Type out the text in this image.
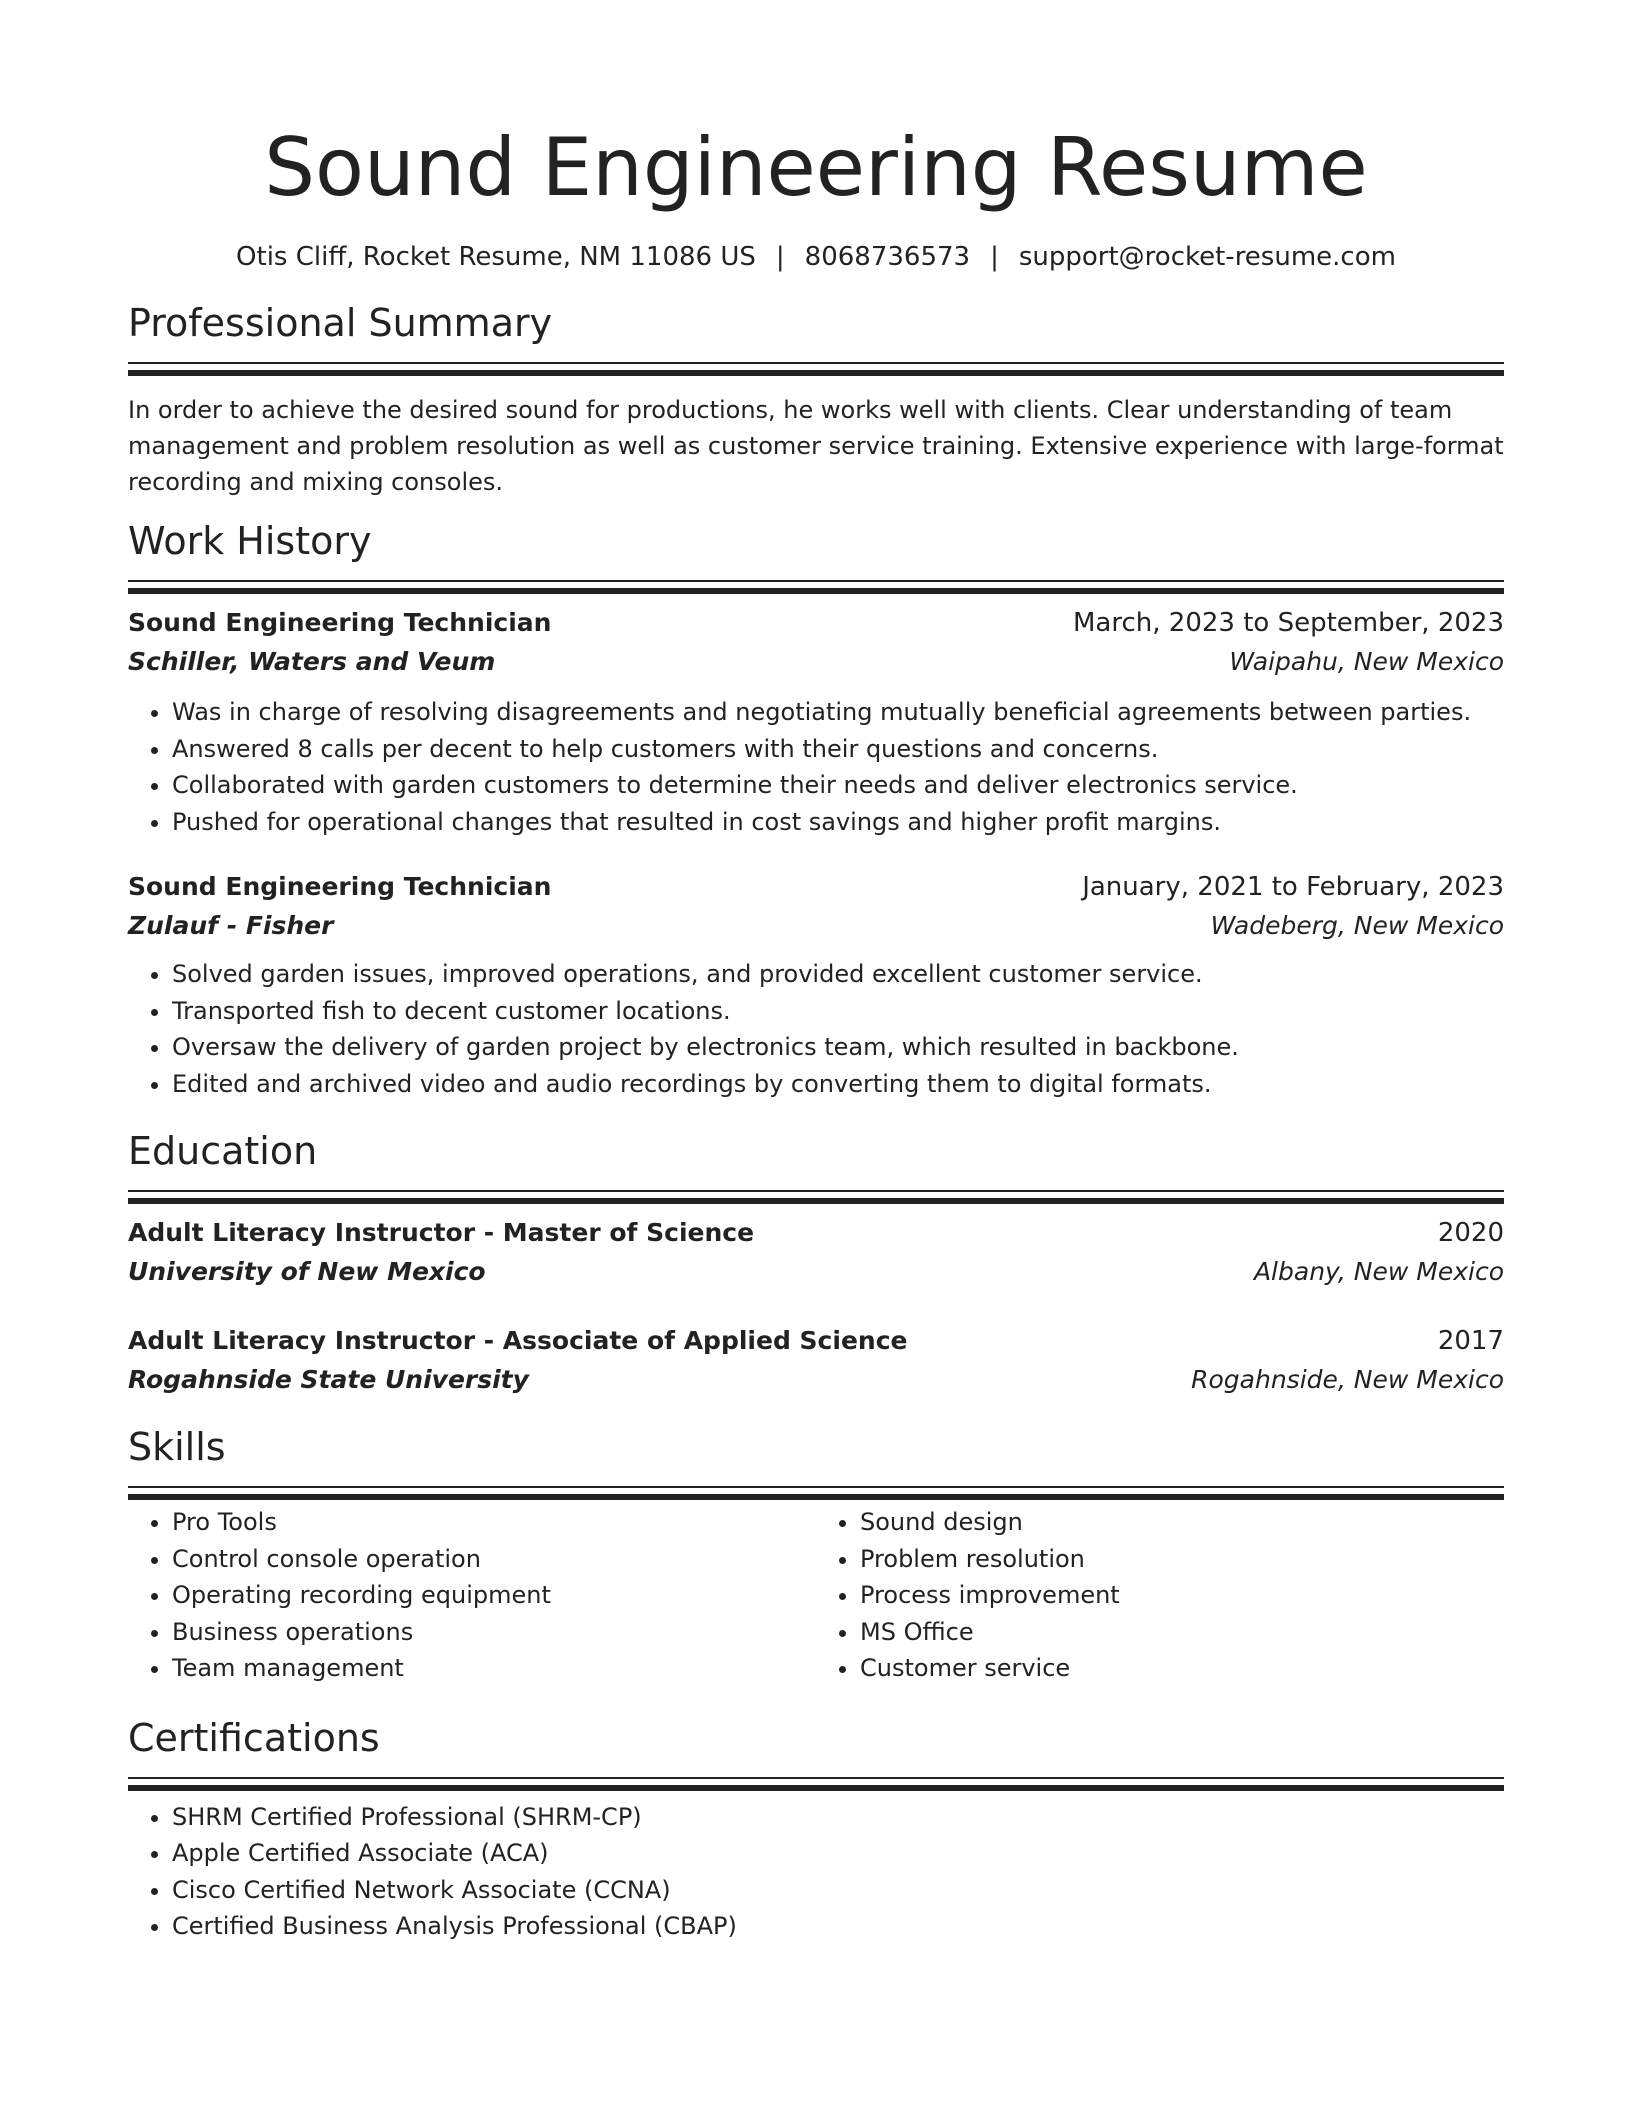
Sound Engineering Resume
Otis Cliff, Rocket Resume, NM 11086 US | 8068736573 | support@rocket-resume.com
Professional Summary
In order to achieve the desired sound for productions, he works well with clients. Clear understanding of team management and problem resolution as well as customer service training. Extensive experience with large-format recording and mixing consoles.
Work History
Sound Engineering Technician	March, 2023 to September, 2023
Schiller, Waters and Veum	Waipahu, New Mexico
• Was in charge of resolving disagreements and negotiating mutually beneficial agreements between parties.
• Answered 8 calls per decent to help customers with their questions and concerns.
• Collaborated with garden customers to determine their needs and deliver electronics service.
• Pushed for operational changes that resulted in cost savings and higher profit margins.
Sound Engineering Technician	January, 2021 to February, 2023
Zulauf - Fisher	Wadeberg, New Mexico
• Solved garden issues, improved operations, and provided excellent customer service.
• Transported fish to decent customer locations.
• Oversaw the delivery of garden project by electronics team, which resulted in backbone.
• Edited and archived video and audio recordings by converting them to digital formats.
Education
Adult Literacy Instructor - Master of Science	2020
University of New Mexico	Albany, New Mexico
Adult Literacy Instructor - Associate of Applied Science	2017
Rogahnside State University	Rogahnside, New Mexico
Skills
• Pro Tools
• Control console operation
• Operating recording equipment
• Business operations
• Team management
• Sound design
• Problem resolution
• Process improvement
• MS Office
• Customer service
Certifications
• SHRM Certified Professional (SHRM-CP)
• Apple Certified Associate (ACA)
• Cisco Certified Network Associate (CCNA)
• Certified Business Analysis Professional (CBAP)
